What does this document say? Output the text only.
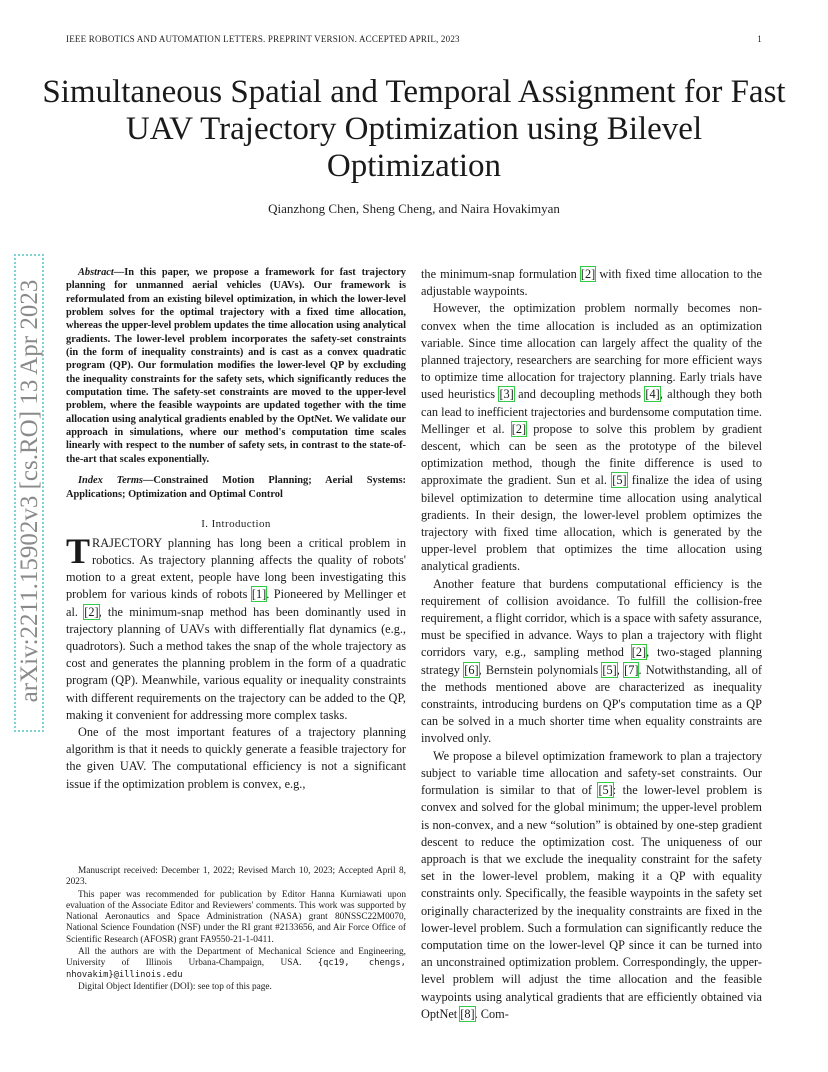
IEEE ROBOTICS AND AUTOMATION LETTERS. PREPRINT VERSION. ACCEPTED APRIL, 2023	1
Simultaneous Spatial and Temporal Assignment for Fast UAV Trajectory Optimization using Bilevel Optimization
Qianzhong Chen, Sheng Cheng, and Naira Hovakimyan
arXiv:2211.15902v3 [cs.RO] 13 Apr 2023

Abstract—In this paper, we propose a framework for fast trajectory planning for unmanned aerial vehicles (UAVs). Our framework is reformulated from an existing bilevel optimization, in which the lower-level problem solves for the optimal trajectory with a fixed time allocation, whereas the upper-level problem updates the time allocation using analytical gradients. The lower-level problem incorporates the safety-set constraints (in the form of inequality constraints) and is cast as a convex quadratic program (QP). Our formulation modifies the lower-level QP by excluding the inequality constraints for the safety sets, which significantly reduces the computation time. The safety-set constraints are moved to the upper-level problem, where the feasible waypoints are updated together with the time allocation using analytical gradients enabled by the OptNet. We validate our approach in simulations, where our method's computation time scales linearly with respect to the number of safety sets, in contrast to the state-of-the-art that scales exponentially.

Index Terms—Constrained Motion Planning; Aerial Systems: Applications; Optimization and Optimal Control

I. Introduction

TRAJECTORY planning has long been a critical problem in robotics. As trajectory planning affects the quality of robots' motion to a great extent, people have long been investigating this problem for various kinds of robots [1]. Pioneered by Mellinger et al. [2], the minimum-snap method has been dominantly used in trajectory planning of UAVs with differentially flat dynamics (e.g., quadrotors). Such a method takes the snap of the whole trajectory as cost and generates the planning problem in the form of a quadratic program (QP). Meanwhile, various equality or inequality constraints with different requirements on the trajectory can be added to the QP, making it convenient for addressing more complex tasks.

One of the most important features of a trajectory planning algorithm is that it needs to quickly generate a feasible trajectory for the given UAV. The computational efficiency is not a significant issue if the optimization problem is convex, e.g.,

Manuscript received: December 1, 2022; Revised March 10, 2023; Accepted April 8, 2023.

This paper was recommended for publication by Editor Hanna Kurniawati upon evaluation of the Associate Editor and Reviewers' comments. This work was supported by National Aeronautics and Space Administration (NASA) grant 80NSSC22M0070, National Science Foundation (NSF) under the RI grant #2133656, and Air Force Office of Scientific Research (AFOSR) grant FA9550-21-1-0411.

All the authors are with the Department of Mechanical Science and Engineering, University of Illinois Urbana-Champaign, USA. {qc19, chengs, nhovakim}@illinois.edu

Digital Object Identifier (DOI): see top of this page.

the minimum-snap formulation [2] with fixed time allocation to the adjustable waypoints.

However, the optimization problem normally becomes non-convex when the time allocation is included as an optimization variable. Since time allocation can largely affect the quality of the planned trajectory, researchers are searching for more efficient ways to optimize time allocation for trajectory planning. Early trials have used heuristics [3] and decoupling methods [4], although they both can lead to inefficient trajectories and burdensome computation time. Mellinger et al. [2] propose to solve this problem by gradient descent, which can be seen as the prototype of the bilevel optimization method, though the finite difference is used to approximate the gradient. Sun et al. [5] finalize the idea of using bilevel optimization to determine time allocation using analytical gradients. In their design, the lower-level problem optimizes the trajectory with fixed time allocation, which is generated by the upper-level problem that optimizes the time allocation using analytical gradients.

Another feature that burdens computational efficiency is the requirement of collision avoidance. To fulfill the collision-free requirement, a flight corridor, which is a space with safety assurance, must be specified in advance. Ways to plan a trajectory with flight corridors vary, e.g., sampling method [2], two-staged planning strategy [6], Bernstein polynomials [5], [7]. Notwithstanding, all of the methods mentioned above are characterized as inequality constraints, introducing burdens on QP's computation time as a QP can be solved in a much shorter time when equality constraints are involved only.

We propose a bilevel optimization framework to plan a trajectory subject to variable time allocation and safety-set constraints. Our formulation is similar to that of [5]: the lower-level problem is convex and solved for the global minimum; the upper-level problem is non-convex, and a new “solution” is obtained by one-step gradient descent to reduce the optimization cost. The uniqueness of our approach is that we exclude the inequality constraint for the safety set in the lower-level problem, making it a QP with equality constraints only. Specifically, the feasible waypoints in the safety set originally characterized by the inequality constraints are fixed in the lower-level problem. Such a formulation can significantly reduce the computation time on the lower-level QP since it can be turned into an unconstrained optimization problem. Correspondingly, the upper-level problem will adjust the time allocation and the feasible waypoints using analytical gradients that are efficiently obtained via OptNet [8]. Com-
